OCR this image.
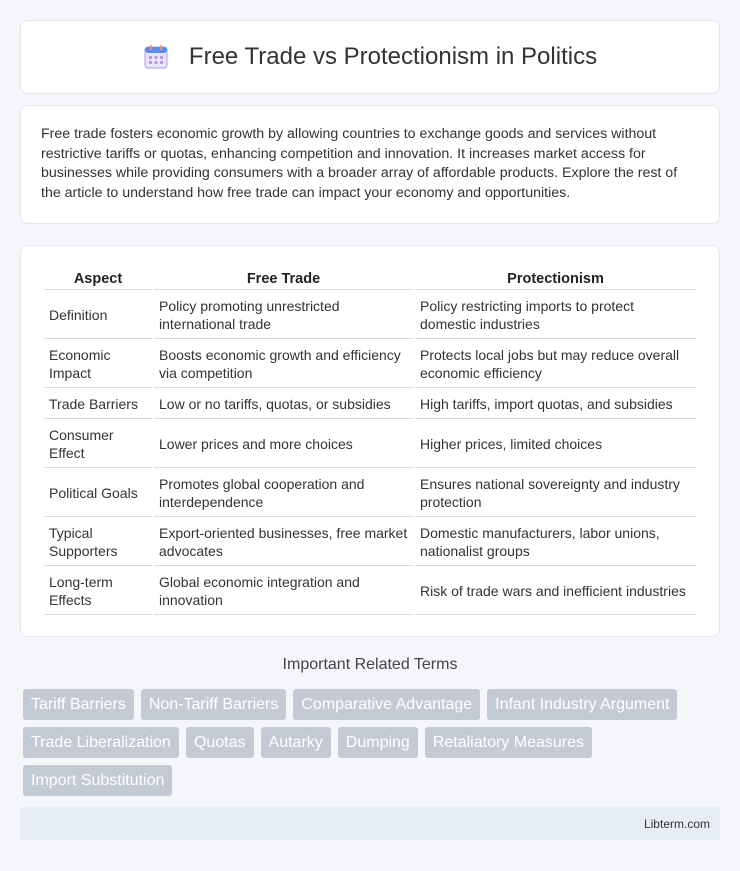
Free Trade vs Protectionism in Politics

Free trade fosters economic growth by allowing countries to exchange goods and services without restrictive tariffs or quotas, enhancing competition and innovation. It increases market access for businesses while providing consumers with a broader array of affordable products. Explore the rest of the article to understand how free trade can impact your economy and opportunities.

Aspect	Free Trade	Protectionism
Definition	Policy promoting unrestricted international trade	Policy restricting imports to protect domestic industries
Economic Impact	Boosts economic growth and efficiency via competition	Protects local jobs but may reduce overall economic efficiency
Trade Barriers	Low or no tariffs, quotas, or subsidies	High tariffs, import quotas, and subsidies
Consumer Effect	Lower prices and more choices	Higher prices, limited choices
Political Goals	Promotes global cooperation and interdependence	Ensures national sovereignty and industry protection
Typical Supporters	Export-oriented businesses, free market advocates	Domestic manufacturers, labor unions, nationalist groups
Long-term Effects	Global economic integration and innovation	Risk of trade wars and inefficient industries
Important Related Terms
Tariff Barriers	Non-Tariff Barriers	Comparative Advantage	Infant Industry Argument
Trade Liberalization	Quotas	Autarky	Dumping	Retaliatory Measures
Import Substitution
Libterm.com
